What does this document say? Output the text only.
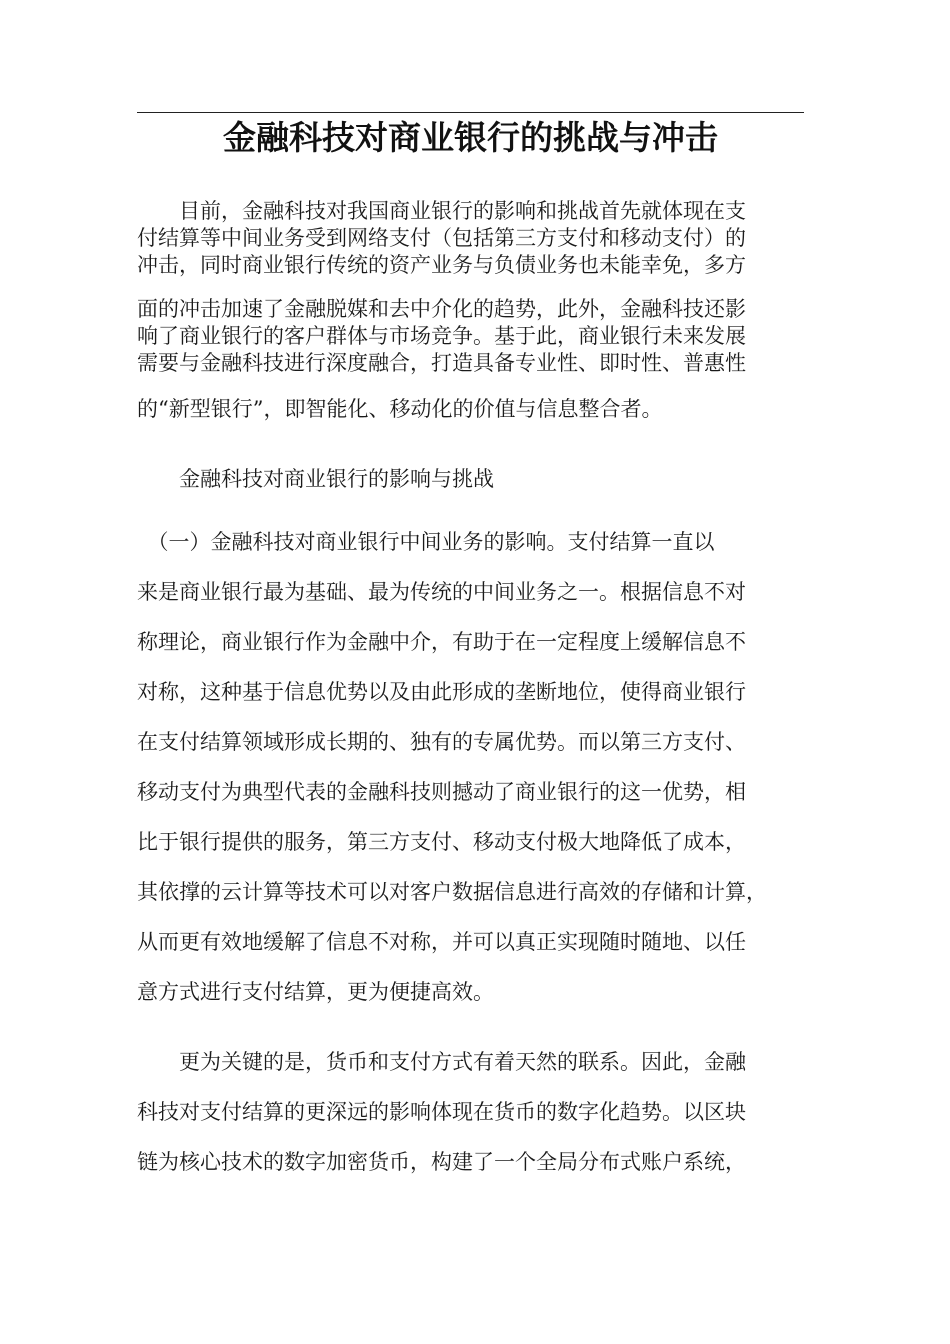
金融科技对商业银行的挑战与冲击

　　目前，金融科技对我国商业银行的影响和挑战首先就体现在支
付结算等中间业务受到网络支付（包括第三方支付和移动支付）的
冲击，同时商业银行传统的资产业务与负债业务也未能幸免，多方

面的冲击加速了金融脱媒和去中介化的趋势，此外，金融科技还影
响了商业银行的客户群体与市场竞争。基于此，商业银行未来发展
需要与金融科技进行深度融合，打造具备专业性、即时性、普惠性

的“新型银行”，即智能化、移动化的价值与信息整合者。

　　金融科技对商业银行的影响与挑战

　（一）金融科技对商业银行中间业务的影响。支付结算一直以
来是商业银行最为基础、最为传统的中间业务之一。根据信息不对
称理论，商业银行作为金融中介，有助于在一定程度上缓解信息不
对称，这种基于信息优势以及由此形成的垄断地位，使得商业银行
在支付结算领域形成长期的、独有的专属优势。而以第三方支付、
移动支付为典型代表的金融科技则撼动了商业银行的这一优势，相
比于银行提供的服务，第三方支付、移动支付极大地降低了成本，
其依撑的云计算等技术可以对客户数据信息进行高效的存储和计算，
从而更有效地缓解了信息不对称，并可以真正实现随时随地、以任
意方式进行支付结算，更为便捷高效。

　　更为关键的是，货币和支付方式有着天然的联系。因此，金融
科技对支付结算的更深远的影响体现在货币的数字化趋势。以区块
链为核心技术的数字加密货币，构建了一个全局分布式账户系统，
